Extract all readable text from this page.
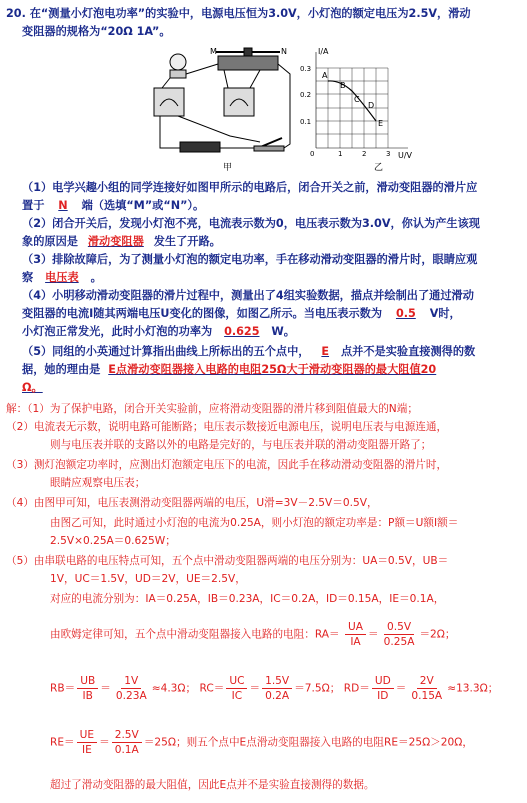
20. 在“测量小灯泡电功率”的实验中，电源电压恒为3.0V，小灯泡的额定电压为2.5V，滑动
变阻器的规格为“20Ω 1A”。
M	N
甲
I/A
U/V
0.3
0.2
0.1
0	1	2	3
A
B
C
D
E
乙
（1）电学兴趣小组的同学连接好如图甲所示的电路后，闭合开关之前，滑动变阻器的滑片应
置于 N 端（选填“M”或“N”）。
（2）闭合开关后，发现小灯泡不亮，电流表示数为0，电压表示数为3.0V，你认为产生该现
象的原因是 滑动变阻器 发生了开路。
（3）排除故障后，为了测量小灯泡的额定电功率，手在移动滑动变阻器的滑片时，眼睛应观
察 电压表 。
（4）小明移动滑动变阻器的滑片过程中，测量出了4组实验数据，描点并绘制出了通过滑动
变阻器的电流I随其两端电压U变化的图像，如图乙所示。当电压表示数为 0.5 V时，
小灯泡正常发光，此时小灯泡的功率为 0.625 W。
（5）同组的小英通过计算指出曲线上所标出的五个点中， E 点并不是实验直接测得的数
据，她的理由是 E点滑动变阻器接入电路的电阻25Ω大于滑动变阻器的最大阻值20
Ω。
解：（1）为了保护电路，闭合开关实验前，应将滑动变阻器的滑片移到阻值最大的N端；
（2）电流表无示数，说明电路可能断路；电压表示数接近电源电压，说明电压表与电源连通，
则与电压表并联的支路以外的电路是完好的，与电压表并联的滑动变阻器开路了；
（3）测灯泡额定功率时，应测出灯泡额定电压下的电流，因此手在移动滑动变阻器的滑片时，
眼睛应观察电压表；
（4）由图甲可知，电压表测滑动变阻器两端的电压，U滑=3V－2.5V＝0.5V，
由图乙可知，此时通过小灯泡的电流为0.25A，则小灯泡的额定功率是：P额＝U额I额＝
2.5V×0.25A＝0.625W；
（5）由串联电路的电压特点可知，五个点中滑动变阻器两端的电压分别为：UA＝0.5V，UB＝
1V，UC＝1.5V，UD＝2V，UE＝2.5V，
对应的电流分别为：IA＝0.25A，IB＝0.23A，IC＝0.2A，ID＝0.15A，IE＝0.1A，
由欧姆定律可知，五个点中滑动变阻器接入电路的电阻：$RA= \frac{UA}{IA} = \frac{0.5V}{0.25A} =2\Omega$；
$RB= \frac{UB}{IB} = \frac{1V}{0.23A} \approx 4.3\Omega$； $RC= \frac{UC}{IC} = \frac{1.5V}{0.2A} =7.5\Omega$； $RD= \frac{UD}{ID} = \frac{2V}{0.15A} \approx 13.3\Omega$；
$RE= \frac{UE}{IE} = \frac{2.5V}{0.1A} =25\Omega$；则五个点中E点滑动变阻器接入电路的电阻RE＝25Ω＞20Ω，
超过了滑动变阻器的最大阻值，因此E点并不是实验直接测得的数据。
